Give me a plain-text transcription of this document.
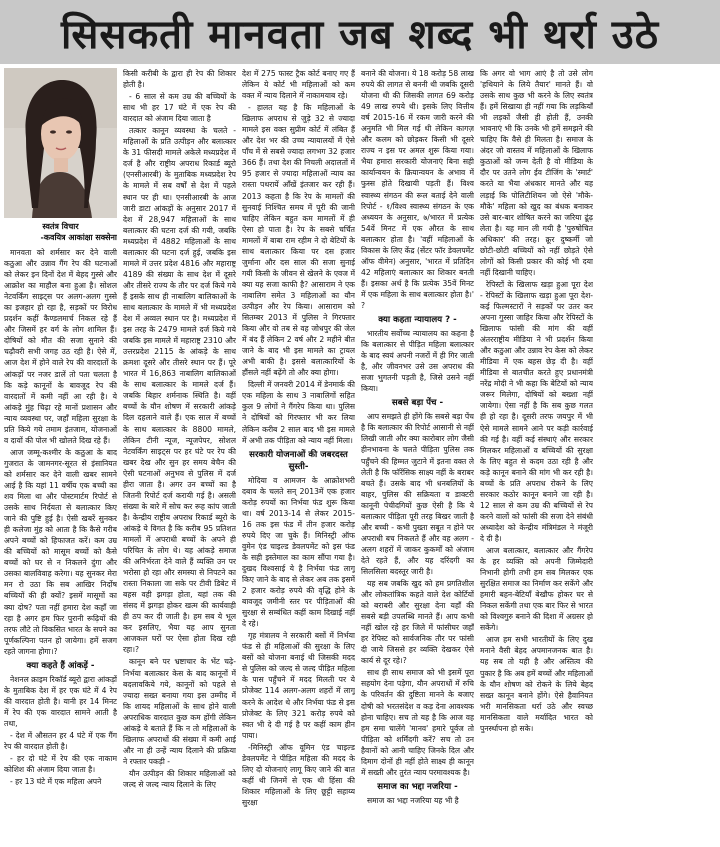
सिसकती मानवता जब शब्द भी थर्रा उठे
स्वतंत्र विचार
-कवयित्र आकांक्षा सक्सेना

मानवता को शर्मसार कर देने वाली कठुआ और उन्नाव गैंग रेप की घटनाओं को लेकर इन दिनों देश में बेहद गुस्से और आक्रोश का माहौल बना हुआ है। सोशल नेटवर्किंग साइट्स पर अलग-अलग गुस्से का इजहार हो रहा है, सड़कों पर विरोध प्रदर्शन कहीं कैण्डलमार्च निकल रहे हैं और जिसमें हर वर्ग के लोग शामिल हैं। दोषियों को मौत की सजा सुनाने की चढ़ौवरी सभी जगह उठ रही है। ऐसे में, आज देश में होने वाले रेप की वारदातों के आंकड़ों पर नजर डालें तो पता चलता है कि कड़े कानूनों के बावजूद रेप की वारदातों में कमी नहीं आ रही है। ये आंकड़े मुंह चिढ़ा रहे मानों प्रशासन और न्याय व्यवस्था पर, जहाँ महिला सुरक्षा के प्रति किये गये तमाम इंतजाम, योजनाओं व दावों की पोल भी खोलते दिख रहे हैं।

आज जम्मू-कश्मीर के कठुआ के बाद गुजरात के जामनगर-सूरत से इंसानियत को शर्मसार कर देने वाली खबर सामने आई है कि यहां 11 वर्षीय एक बच्ची का शव मिला था और पोस्टमार्टम रिपोर्ट से उसके साथ निर्दयता से बलात्कार किए जाने की पुष्टि हुई है। ऐसी खबरें सुनकर ही कलेजा मुंह को आता है कि कैसे गरीब अपने बच्चों को हिफाजत करें। कम उम्र की बच्चियों को मासूम बच्चों को कैसे बच्चों को घर से न निकलने दुंगा और उसका बालविवाह करेगा। यह सुनकर मेरा मन रो उठा कि सब आखिर निर्दोष बच्चियों की ही क्यों? इसमें मासूमों का क्या दोष? पता नहीं हमारा देश कहाँ जा रहा है अगर हम फिर पुरानी रूढ़ियों की तरफ लौटे तो विकसित भारत के सपने का पूर्णकल्पिना पतन हो जायेगा। हमें सजग रहते जागना होगा।?

क्या कहते हैं आंकड़ें -

नेशनल क्राइम रिकॉर्ड ब्यूरो द्वारा आंकड़ों के मुताबिक देश में हर एक घंटे में 4 रेप की वारदात होती है। यानी हर 14 मिनट में रेप की एक वारदात सामने आती है तथा,

- देश में औसतन हर 4 घंटे में एक गैंग रेप की वारदात होती है।

- हर दो घंटे में रेप की एक नाकाम कोशिश की अंजाम दिया जाता है।

- हर 13 घंटे में एक महिला अपने

किसी करीबी के द्वारा ही रेप की शिकार होती है।

- 6 साल से कम उम्र की बच्चियों के साथ भी हर 17 घंटे में एक रेप की वारदात को अंजाम दिया जाता है

तत्कार कानून व्यवस्था के चलते - महिलाओं के प्रति उत्पीड़न और बलात्कार के 31 फीसदी मामले अकेले मध्यप्रदेश में दर्ज है और राष्ट्रीय अपराध रिकार्ड ब्यूरो (एनसीआरबी) के मुताबिक मध्यप्रदेश रेप के मामले में सब वर्षों से देश में पहले स्थान पर ही था। एनसीआरबी के आज जारी डाटा आंकड़ों के अनुसार 2017 में देश में 28,947 महिलाओं के साथ बलात्कार की घटना दर्ज की गयी, जबकि मध्यप्रदेश में 4882 महिलाओं के साथ बलात्कार की घटना दर्ज हुई, जबकि इस मामले में उत्तर प्रदेश 4816 और महाराष्ट्र 4189 की संख्या के साथ देश में दूसरे और तीसरे राज्य के तौर पर दर्ज किये गये हैं इसके साथ ही नाबालिग बालिकाओं के साथ बलात्कार के मामले में भी मध्यप्रदेश देश में अव्वल स्थान पर है। मध्यप्रदेश में इस तरह के 2479 मामले दर्ज किये गये जबकि इस मामले में महाराष्ट्र 2310 और उत्तरप्रदेश 2115 के आंकड़े के साथ क्रमशः दूसरे और तीसरे स्थान पर हैं। पूरे भारत में 16,863 नाबालिग बालिकाओं के साथ बलात्कार के मामले दर्ज हैं। जबकि बिहार शर्मनाक स्थिति है। वहीं बच्चों के यौन शोषण में सरकारी आंकड़े दिल दहलाने वाले हैं। एक साल में बच्चों के साथ बलात्कार के 8800 मामले, लेकिन टीनी न्यूज, न्यूजपेपर, सोशल नेटवर्किंग साइट्स पर हर घंटे पर रेप की खबर देख और सुन हर समय बेचैन की ऐसी घटनाओं अनुभव से पुलिस में दर्ज हीरा जाता है। अगर उन बच्चों का है जितनी रिपोर्ट दर्ज करायी गई है। असली संख्या के बारे में सोच कर रूह कांप जाती है। केन्द्रीय राष्ट्रीय अपराध रिकार्ड ब्यूरो के आंकड़े ये विगत है कि करीब 95 प्रतिशत मामलों में अपराधी बच्चों के अपने ही परिचित के लोग थे। यह आंकड़े समाज की अनिर्भरता देने वाले हैं व्यक्ति उन पर भरोसा हो रहा और समस्या से निपटने का रास्ता निकाला जा सके पर टीवी डिबेट में बहस वही झगड़ा होता, यहां तक की संसद में झगड़ा होकर खत्म की कार्यवाही ही ठप कर दी जाती है। हम सब ये भूल कर इसलिए, भैया यह आप सुनता आजकल घरों पर ऐसा होता दिख रही रहा।?

कानून बने पर भ्रष्टाचार के भेंट चढ़े- निर्भया बलात्कार केस के बाद कानूनों में बदलावकिये गये, कानूनों को पहले से ज्यादा सख्त बनाया गया इस उम्मीद में कि शायद महिलाओं के साथ होने वाली अपराधिक वारदात कुछ कम होंगी लेकिन आंकड़े ये बताते हैं कि न तो महिलाओं के खिलाफ अपराधों की संख्या में कमी आई और ना ही उन्हें न्याय दिलाने की प्रक्रिया ने रफ्तार पकड़ी -

यौन उत्पीड़न की शिकार महिलाओं को जल्द से जल्द न्याय दिलाने के लिए

देश में 275 फास्ट ट्रैक कोर्ट बनाए गए हैं लेकिन ये कोर्ट भी महिलाओं को कम वक्त में न्याय दिलाने में नाकामयाब रहे।

- हालत यह है कि महिलाओं के खिलाफ अपराध से जुड़े 32 से ज्यादा मामले इस वक्त सुप्रीम कोर्ट में लंबित हैं और देश भर की उच्च न्यायालयों में ऐसे पाँच में से सबसे ज्यादा लगभग 32 हजार 366 हैं। तथा देश की निचली अदालतों में 95 हजार से ज्यादा महिलाओं न्याय का रास्ता पथरायें आँखें इंतजार कर रही हैं। 2013 कहता है कि रेप के मामलों की सुनवाई निश्चित समय में पूरी की जानी चाहिए लेकिन बहुत कम मामलों में ही ऐसा हो पाता है। रेप के सबसे चर्चित मामलों में बाबा राम रहीम ने दो बेटियों के साथ बलात्कार किया पर दस हजार जुर्माना और दस साल की सजा सुनाई गयी किसी के जीवन से खेलने के एवज में क्या यह सजा काफी है? आसाराम ने एक नाबालिग समेत 3 महिलाओं का यौन उत्पीड़न और रेप किया। आसाराम को सितम्बर 2013 में पुलिस ने गिरफ्तार किया और वो तब से वह जोधपुर की जेल में बंद हैं लेकिन 2 वर्ष और 2 महीने बीत जाने के बाद भी इस मामले का ट्रायल अभी बाकी है। इससे बलात्कारियों के हौंसले नहीं बढ़ेंगे तो और क्या होगा।

दिल्ली में जनवरी 2014 में डेनमार्क की एक महिला के साथ 3 नाबालिगों सहित कुल 9 लोगों ने गैंगरेप किया था। पुलिस ने दोषियों को गिरफ्तार भी कर लिया लेकिन करीब 2 साल बाद भी इस मामले में अभी तक पीड़िता को न्याय नहीं मिला।

सरकारी योजनाओं की जबरदस्त सुस्ती-

मोदिया व आमजन के आक्रोशभरी दबाव के चलते सन् 2013में एक हजार करोड़ रुपयों का निर्भया फंड शुरू किया था। वर्ष 2013-14 से लेकर 2015-16 तक इस फंड में तीन हजार करोड़ रुपये दिए जा चुके हैं। मिनिस्ट्री ऑफ वुमेन एंड चाइल्ड डेवलपमेंट को इस फंड के सही इस्तेमाल का काम सौंपा गया है। दुखद विश्वसाई ये है निर्भया फंड लागू किए जाने के बाद से लेकर अब तक इसमें 2 हजार करोड़ रुपये की वृद्धि होने के बावजूद जमीनी स्तर पर पीड़िताओं की सुरक्षा से सम्बंधित कहीं काम दिखाई नहीं दे रहे।

गृह मंत्रालय ने सरकारी बसों में निर्भया फंड से ही महिलाओं की सुरक्षा के लिए बसों को योजना बनाई थी जिसकी मदद से पुलिस को जल्द से जल्द पीड़ित महिला के पास पहुँचने में मदद मिलती पर ये प्रोजेक्ट 114 अलग-अलग शहरों में लागू करने के आदेश थे और निर्भया फंड से इस प्रोजेक्ट के लिए 321 करोड़ रुपये को स्वत भी दे दी गई है पर कहीं काम हीन पाया।

-मिनिस्ट्री ऑफ वूमिन एंड चाइल्ड डेवलपमेंट ने पीड़ित महिला की मदद के लिए दो योजनाएं लागू किए जाने की बात कहीं थी जिनमें से एक थी हिंसा की शिकार महिलाओं के लिए छूट्टी सहाय्य सुरक्षा

बनाने की योजना। ये 18 करोड़ 58 लाख रुपये की लागत से बननी थी जबकि दूसरी योजना थी की जिसकी लागत 69 करोड़ 49 लाख रुपये थी। इसके लिए वित्तीय वर्ष 2015-16 में रकम जारी करने की अनुमति भी मिल गई थी लेकिन कागज़ और कलम को छोड़कर किसी भी दूसरे राज्य न इस पर अमल शुरू किया गया। भैया हमारा सरकारी योजनाएं बिना सही कार्यान्वयन के क्रियान्वयन के अभाव में फुस्स होते दिखायी पड़ती हैं। विश्व स्वास्थ्य संगठन की रूल बताई देने वाली रिपोर्ट - १/विश्व स्वास्थ्य संगठन के एक अध्ययन के अनुसार, ७/भारत में प्रत्येक 54वें मिनट में एक औरत के साथ बलात्कार होता है। 'वहीं महिलाओं के विकास के लिए केंद्र (सेंटर फॉर डेवलपमेंट ऑफ वीमेन) अनुसार, 'भारत में प्रतिदिन 42 महिलाएं बलात्कार का शिकार बनती हैं। इसका अर्थ है कि प्रत्येक 35वें मिनट में एक महिला के साथ बलात्कार होता है।' ?

क्या कहता न्यायालय ? -

भारतीय सर्वोच्च न्यायालय का कहना है कि बलात्कार से पीड़ित महिला बलात्कार के बाद स्वयं अपनी नजरों में ही गिर जाती है, और जीवनभर उसे उस अपराध की सजा भुगतनी पड़ती है, जिसे उसने नहीं किया।

सबसे बड़ा पेंच -

आप समझते ही होंगे कि सबसे बड़ा पेंच है कि बलात्कार की रिपोर्ट आसानी से नहीं लिखी जाती और क्या कारोबार लोग जैसी हीनभावना के चलते पीड़िता पुलिस तक पहुँचने की हिम्मत जुटाने में इतना वक्त ले लेती है कि फॉरेंसिक साक्ष्य नहीं के बराबर बचते हैं। उसके बाद भी धनबलियों के बाहर, पुलिस की सक्रियता व डाक्टरी कानूनी पेचीदगियों कुछ ऐसी है कि ये बलात्कार पीड़िता पूरी तरह बिखर जाती है और बच्ची - कभी पुख्ता सबूत न होने पर अपराधी बच निकलते हैं और वह अलग - अलग शहरों में जाकर कुकर्मों को अंजाम देते रहते हैं, और यह दरिंदगी का सिलसिला बदस्तूर जारी है।

यह सब जबकि खुद को हम प्रगतिशील और लोकतांत्रिक कहते वाले देश कोर्टियों को बराबरी और सुरक्षा देना यहाँ की सबसे बड़ी उपलब्धि मानते हैं। आप कभी नहीं खोल रहे हर जिले में फांसीघर जहाँ हर रेपिस्ट को सार्वजनिक तौर पर फांसी दी जाये जिससे हर व्यक्ति देखकर ऐसे कार्य से दूर रहे।?

साथ ही साथ समाज को भी इसमें पूरा सहयोग देना पड़ेगा, यौन अपराधों में रुचि के परिवर्तन की दुष्टिता मानने के बजाए दोषी को भरतसंदेश व कड़ देना आवश्यक होना चाहिए। सच तो यह है कि आज वह हम समा चालेंगे 'मानव' हमारे पूर्वज तो पीड़िता को शर्मिंदगी करें? सच तो उन हैवानों को आनी चाहिए जिनके दिल और दिमाग दोनों ही नहीं होते साक्ष्य ही कानून में सख्ती और तुरंत न्याय परमावश्यक है।

समाज का भद्दा नजरिया -

समाज का भद्दा नजरिया यह भी है

कि अगर वो भाग आएं है तो उसे लोग 'हथियाने के लिये तैयार' मानते हैं। वो उसके साथ कुछ भी करने के लिए स्वतंत्र हैं। हमें सिखाया ही नहीं गया कि लड़कियाँ भी लड़कों जैसी ही होती हैं, उनकी भावनाएं भी कि उनके भी हमें समझने की चाहिए कि वैसे ही मिलता है। समाज के अंदर जो वास्तव में महिलाओं के खिलाफ कुठाओं को जन्म देती है वो मीडिया के दौर पर उतने लोग ईव टीजिंग के 'स्मार्ट' करते या भैया अंधकार मानते और यह लड़ाई कि पोलिटीशियन जो ऐसे 'मौके-मौके' महिला को खुद का बंधक बनाकर उसे बार-बार शोषित करने का जरिया ढूंढ़ लेता है। यह मान ली गयी है 'पुरुषोचित अधिकार' की तरह। क्रूर दुष्कर्मी जो छोटी-छोटी बच्चियों को नहीं छोड़ते ऐसे लोगों को किसी प्रकार की कोई भी दया नहीं दिखानी चाहिए।

रेपिस्टों के खिलाफ खड़ा हुआ पूरा देश - रेपिस्टों के खिलाफ खड़ा हुआ पूरा देश- कई फिल्मस्टारों ने सड़कों पर उतर कर अपना गुस्सा जाहिर किया और रेपिस्टों के खिलाफ फांसी की मांग की वहीं अंतरराष्ट्रीय मीडिया ने भी प्रदर्शन किया और कठुआ और उन्नाव रेप केस को लेकर मीडिया में एक बहस छेड़ दी है। वहीं मीडिया से बातचीत करते हुए प्रधानमंत्री नरेंद्र मोदी ने भी कहा कि बेटियों को न्याय जरूर मिलेगा, दोषियों को बख्शा नहीं जायेगा। ऐसा नहीं है कि सब कुछ गलत ही हो रहा है। दूसरी तरफ जयपुर में भी ऐसे मामले सामने आने पर कड़ी कार्रवाई की गई है। वहीं कई संस्थाएं और सरकार मिलकर महिलाओं व बच्चियों की सुरक्षा के लिए बहुत से कदम उठा रही है और कड़े कानून बनाने की मांग भी कर रही है। बच्चों के प्रति अपराध रोकने के लिए सरकार कठोर कानून बनाने जा रही है। 12 साल से कम उम्र की बच्चियों से रेप करने वालों को फांसी की सजा देने संबंधी अध्यादेश को केन्द्रीय मंत्रिमंडल ने मंजूरी दे दी है।

आज बलात्कार, बलात्कार और गैंगरेप के हर व्यक्ति को अपनी जिम्मेदारी निभानी होगी तभी हम सब मिलकर एक सुरक्षित समाज का निर्माण कर सकेंगे और हमारी बहन-बेटियाँ बेखौफ होकर घर से निकल सकेंगी तथा एक बार फिर से भारत को विश्वगुरु बनाने की दिशा में अग्रसर हो सकेंगे।

आज हम सभी भारतीयों के लिए दुख मनाने वैसी बेहद अपमानजनक बात है। यह सब तो यही है और अस्तित्व की पुकार है कि अब हमें बच्चों और महिलाओं के यौन शोषण को रोकने के लिये बेहद सख्त कानून बनाने होंगे। ऐसे हैवानियत भरी मानसिकता थर्रा उठे और स्वच्छ मानसिकता वाले मर्यादित भारत को पुनर्स्थापना हो सके।
